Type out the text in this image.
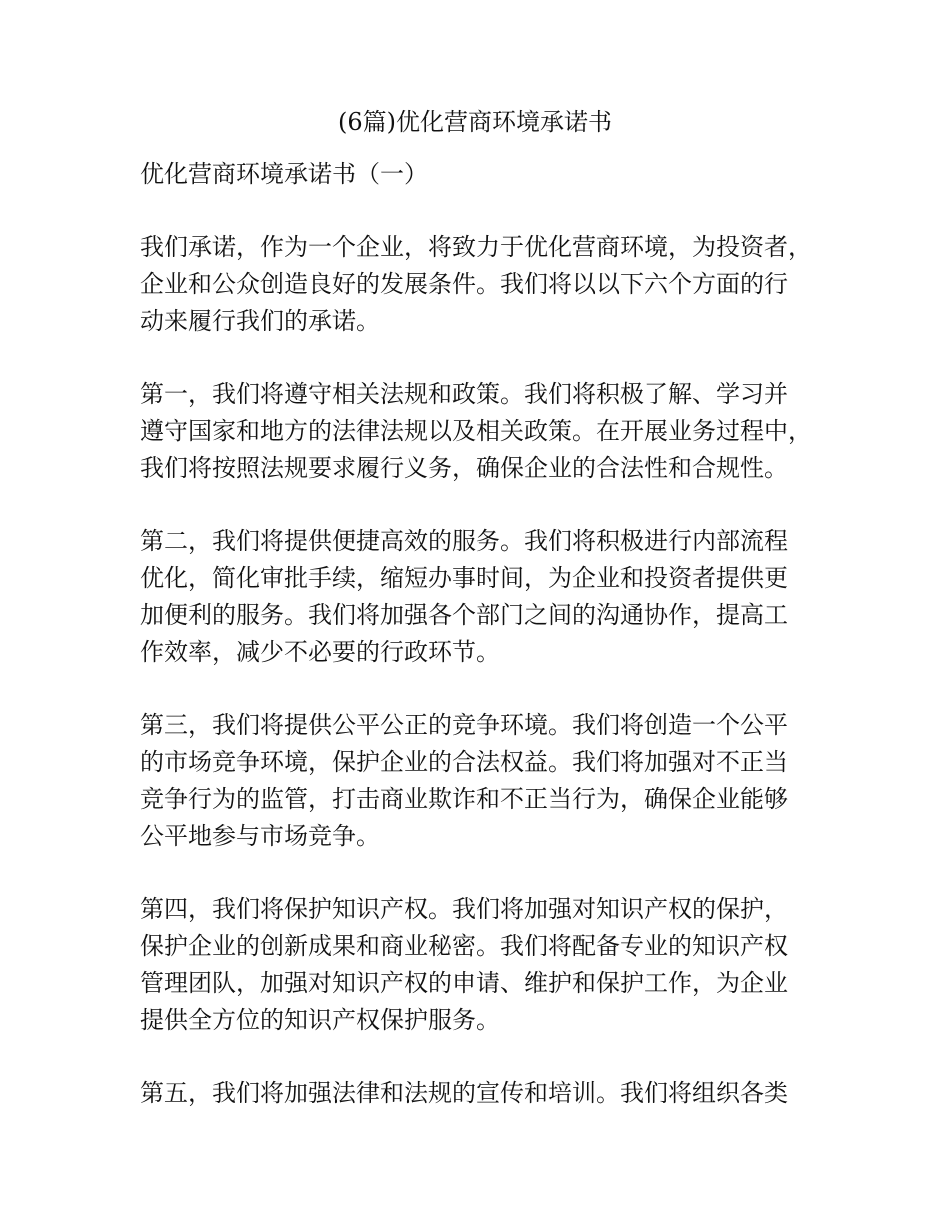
(6篇)优化营商环境承诺书
优化营商环境承诺书（一）

我们承诺，作为一个企业，将致力于优化营商环境，为投资者，
企业和公众创造良好的发展条件。我们将以以下六个方面的行
动来履行我们的承诺。

第一，我们将遵守相关法规和政策。我们将积极了解、学习并
遵守国家和地方的法律法规以及相关政策。在开展业务过程中，
我们将按照法规要求履行义务，确保企业的合法性和合规性。

第二，我们将提供便捷高效的服务。我们将积极进行内部流程
优化，简化审批手续，缩短办事时间，为企业和投资者提供更
加便利的服务。我们将加强各个部门之间的沟通协作，提高工
作效率，减少不必要的行政环节。

第三，我们将提供公平公正的竞争环境。我们将创造一个公平
的市场竞争环境，保护企业的合法权益。我们将加强对不正当
竞争行为的监管，打击商业欺诈和不正当行为，确保企业能够
公平地参与市场竞争。

第四，我们将保护知识产权。我们将加强对知识产权的保护，
保护企业的创新成果和商业秘密。我们将配备专业的知识产权
管理团队，加强对知识产权的申请、维护和保护工作，为企业
提供全方位的知识产权保护服务。

第五，我们将加强法律和法规的宣传和培训。我们将组织各类
